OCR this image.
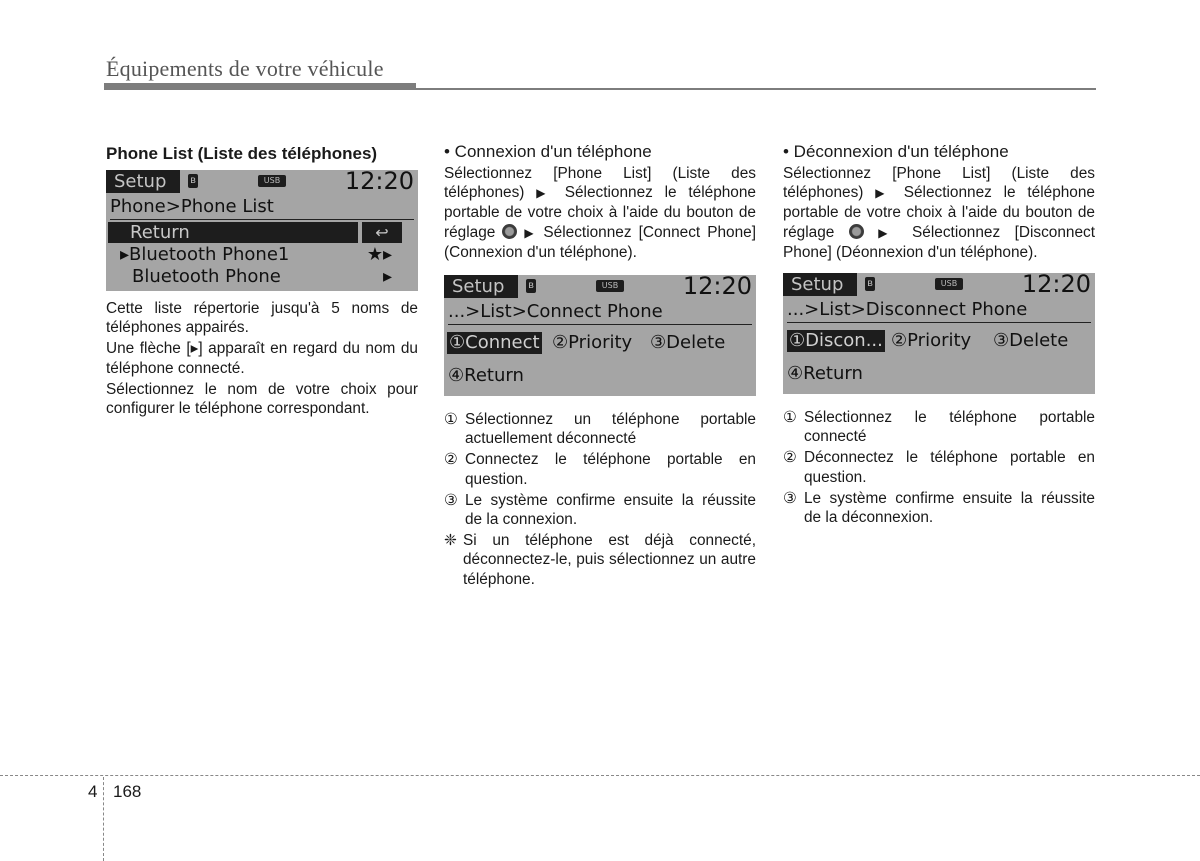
Équipements de votre véhicule
Phone List (Liste des téléphones)
Setup	ʙ	USB	12:20
Phone>Phone List
Return	↩
▸Bluetooth Phone1	★▸
Bluetooth Phone	▸

Cette liste répertorie jusqu'à 5 noms de téléphones appairés.

Une flèche [▸] apparaît en regard du nom du téléphone connecté.

Sélectionnez le nom de votre choix pour configurer le téléphone correspondant.

• Connexion d'un téléphone

Sélectionnez [Phone List] (Liste des téléphones) ▶ Sélectionnez le téléphone portable de votre choix à l'aide du bouton de réglage  ▶ Sélectionnez [Connect Phone] (Connexion d'un téléphone).

Setup	ʙ	USB	12:20
...>List>Connect Phone
①Connect ②Priority ③Delete
④Return
① Sélectionnez un téléphone portable actuellement déconnecté
② Connectez le téléphone portable en question.
③ Le système confirme ensuite la réussite de la connexion.
❈ Si un téléphone est déjà connecté, déconnectez-le, puis sélectionnez un autre téléphone.
• Déconnexion d'un téléphone

Sélectionnez [Phone List] (Liste des téléphones) ▶ Sélectionnez le téléphone portable de votre choix à l'aide du bouton de réglage  ▶ Sélectionnez [Disconnect Phone] (Déonnexion d'un téléphone).

Setup	ʙ	USB	12:20
...>List>Disconnect Phone
①Discon... ②Priority ③Delete
④Return
① Sélectionnez le téléphone portable connecté
② Déconnectez le téléphone portable en question.
③ Le système confirme ensuite la réussite de la déconnexion.
4 168
